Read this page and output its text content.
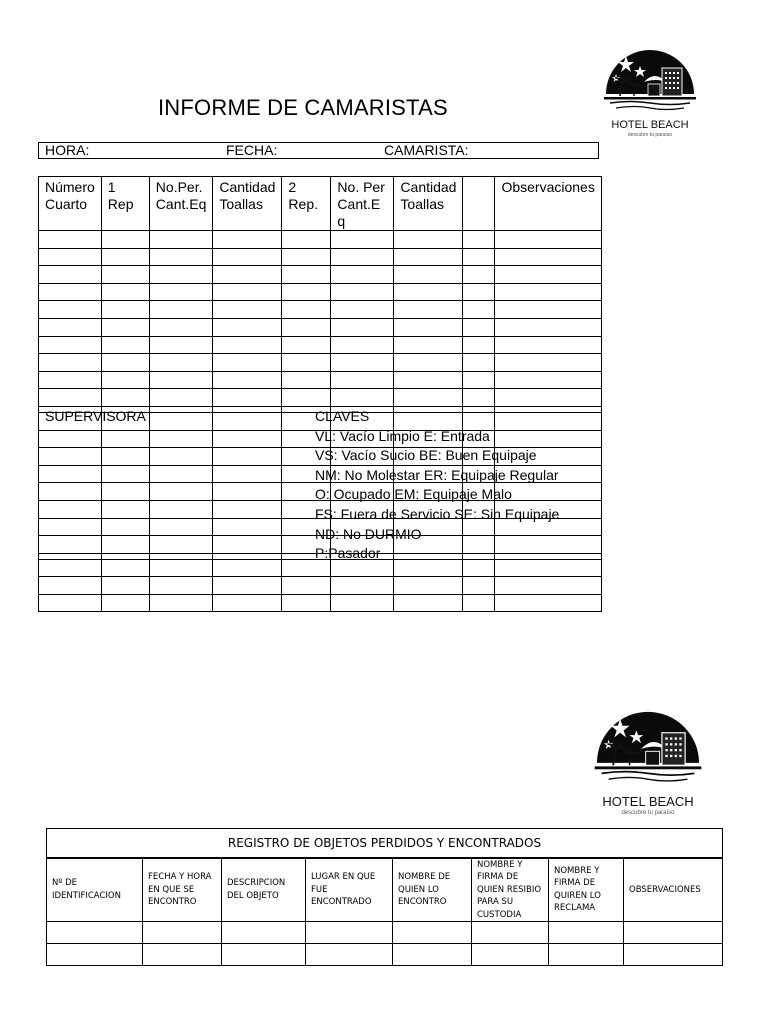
HOTEL BEACH
descubre tu paraíso
INFORME DE CAMARISTAS
HORA:	FECHA:	CAMARISTA:
Número Cuarto	1 Rep	No.Per. Cant.Eq	Cantidad Toallas	2 Rep.	No. Per Cant.E q	Cantidad Toallas		Observaciones

SUPERVISORA	CLAVES
VL: Vacío Limpio E: Entrada
VS: Vacío Sucio BE: Buen Equipaje
NM: No Molestar ER: Equipaje Regular
O: Ocupado EM: Equipaje Malo
FS: Fuera de Servicio SE: Sin Equipaje
ND: No DURMIO
P:Pasador
HOTEL BEACH
descubre tu paraíso
REGISTRO DE OBJETOS PERDIDOS Y ENCONTRADOS							
Nº DE IDENTIFICACION	FECHA Y HORA EN QUE SE ENCONTRO	DESCRIPCION DEL OBJETO	LUGAR EN QUE FUE ENCONTRADO	NOMBRE DE QUIEN LO ENCONTRO	NOMBRE Y FIRMA DE QUIEN RESIBIO PARA SU CUSTODIA	NOMBRE Y FIRMA DE QUIREN LO RECLAMA	OBSERVACIONES
